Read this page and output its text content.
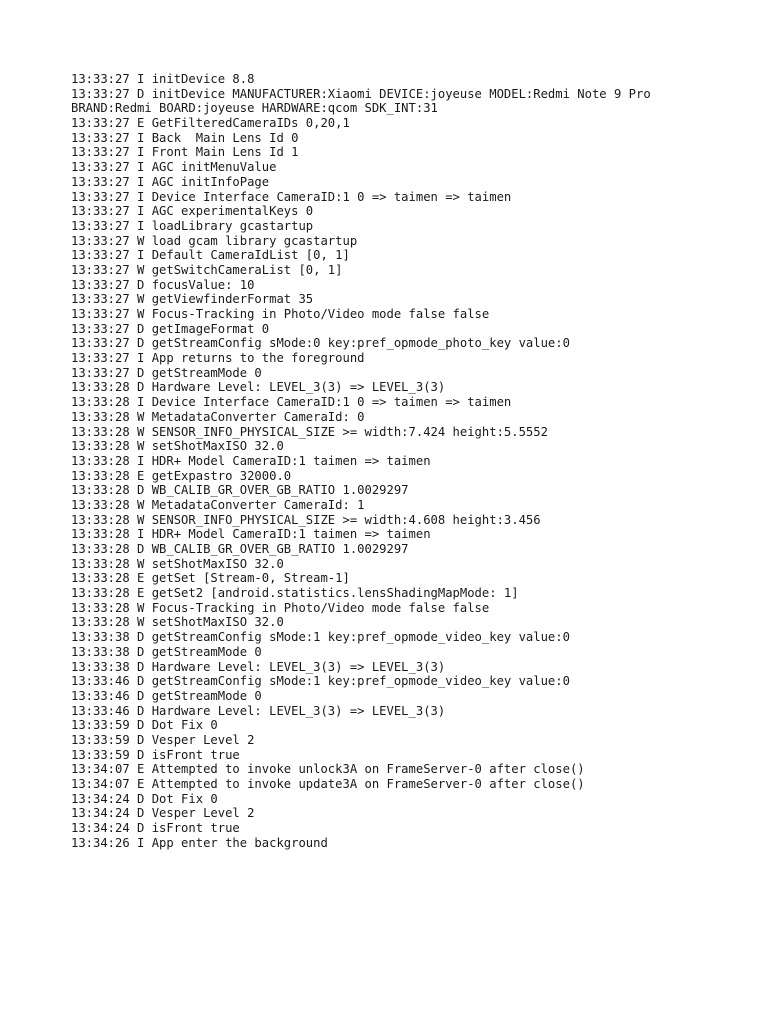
13:33:27 I initDevice 8.8
13:33:27 D initDevice MANUFACTURER:Xiaomi DEVICE:joyeuse MODEL:Redmi Note 9 Pro
BRAND:Redmi BOARD:joyeuse HARDWARE:qcom SDK_INT:31
13:33:27 E GetFilteredCameraIDs 0,20,1
13:33:27 I Back  Main Lens Id 0
13:33:27 I Front Main Lens Id 1
13:33:27 I AGC initMenuValue
13:33:27 I AGC initInfoPage
13:33:27 I Device Interface CameraID:1 0 => taimen => taimen
13:33:27 I AGC experimentalKeys 0
13:33:27 I loadLibrary gcastartup
13:33:27 W load gcam library gcastartup
13:33:27 I Default CameraIdList [0, 1]
13:33:27 W getSwitchCameraList [0, 1]
13:33:27 D focusValue: 10
13:33:27 W getViewfinderFormat 35
13:33:27 W Focus-Tracking in Photo/Video mode false false
13:33:27 D getImageFormat 0
13:33:27 D getStreamConfig sMode:0 key:pref_opmode_photo_key value:0
13:33:27 I App returns to the foreground
13:33:27 D getStreamMode 0
13:33:28 D Hardware Level: LEVEL_3(3) => LEVEL_3(3)
13:33:28 I Device Interface CameraID:1 0 => taimen => taimen
13:33:28 W MetadataConverter CameraId: 0
13:33:28 W SENSOR_INFO_PHYSICAL_SIZE >= width:7.424 height:5.5552
13:33:28 W setShotMaxISO 32.0
13:33:28 I HDR+ Model CameraID:1 taimen => taimen
13:33:28 E getExpastro 32000.0
13:33:28 D WB_CALIB_GR_OVER_GB_RATIO 1.0029297
13:33:28 W MetadataConverter CameraId: 1
13:33:28 W SENSOR_INFO_PHYSICAL_SIZE >= width:4.608 height:3.456
13:33:28 I HDR+ Model CameraID:1 taimen => taimen
13:33:28 D WB_CALIB_GR_OVER_GB_RATIO 1.0029297
13:33:28 W setShotMaxISO 32.0
13:33:28 E getSet [Stream-0, Stream-1]
13:33:28 E getSet2 [android.statistics.lensShadingMapMode: 1]
13:33:28 W Focus-Tracking in Photo/Video mode false false
13:33:28 W setShotMaxISO 32.0
13:33:38 D getStreamConfig sMode:1 key:pref_opmode_video_key value:0
13:33:38 D getStreamMode 0
13:33:38 D Hardware Level: LEVEL_3(3) => LEVEL_3(3)
13:33:46 D getStreamConfig sMode:1 key:pref_opmode_video_key value:0
13:33:46 D getStreamMode 0
13:33:46 D Hardware Level: LEVEL_3(3) => LEVEL_3(3)
13:33:59 D Dot Fix 0
13:33:59 D Vesper Level 2
13:33:59 D isFront true
13:34:07 E Attempted to invoke unlock3A on FrameServer-0 after close()
13:34:07 E Attempted to invoke update3A on FrameServer-0 after close()
13:34:24 D Dot Fix 0
13:34:24 D Vesper Level 2
13:34:24 D isFront true
13:34:26 I App enter the background
